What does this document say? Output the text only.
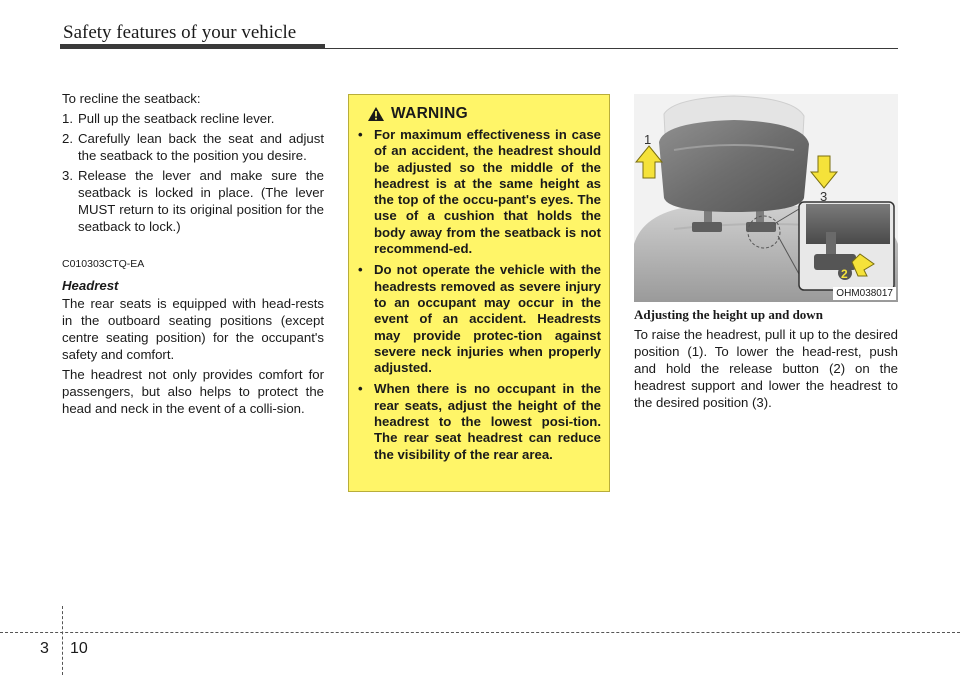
Safety features of your vehicle

To recline the seatback:

1. Pull up the seatback recline lever.
2. Carefully lean back the seat and adjust the seatback to the position you desire.
3. Release the lever and make sure the seatback is locked in place. (The lever MUST return to its original position for the seatback to lock.)
C010303CTQ-EA
Headrest

The rear seats is equipped with head-rests in the outboard seating positions (except centre seating position) for the occupant's safety and comfort.

The headrest not only provides comfort for passengers, but also helps to protect the head and neck in the event of a colli-sion.

WARNING
• For maximum effectiveness in case of an accident, the headrest should be adjusted so the middle of the headrest is at the same height as the top of the occu-pant's eyes. The use of a cushion that holds the body away from the seatback is not recommend-ed.
• Do not operate the vehicle with the headrests removed as severe injury to an occupant may occur in the event of an accident. Headrests may provide protec-tion against severe neck injuries when properly adjusted.
• When there is no occupant in the rear seats, adjust the height of the headrest to the lowest posi-tion. The rear seat headrest can reduce the visibility of the rear area.
1
3
2
OHM038017
Adjusting the height up and down

To raise the headrest, pull it up to the desired position (1). To lower the head-rest, push and hold the release button (2) on the headrest support and lower the headrest to the desired position (3).

3 10
